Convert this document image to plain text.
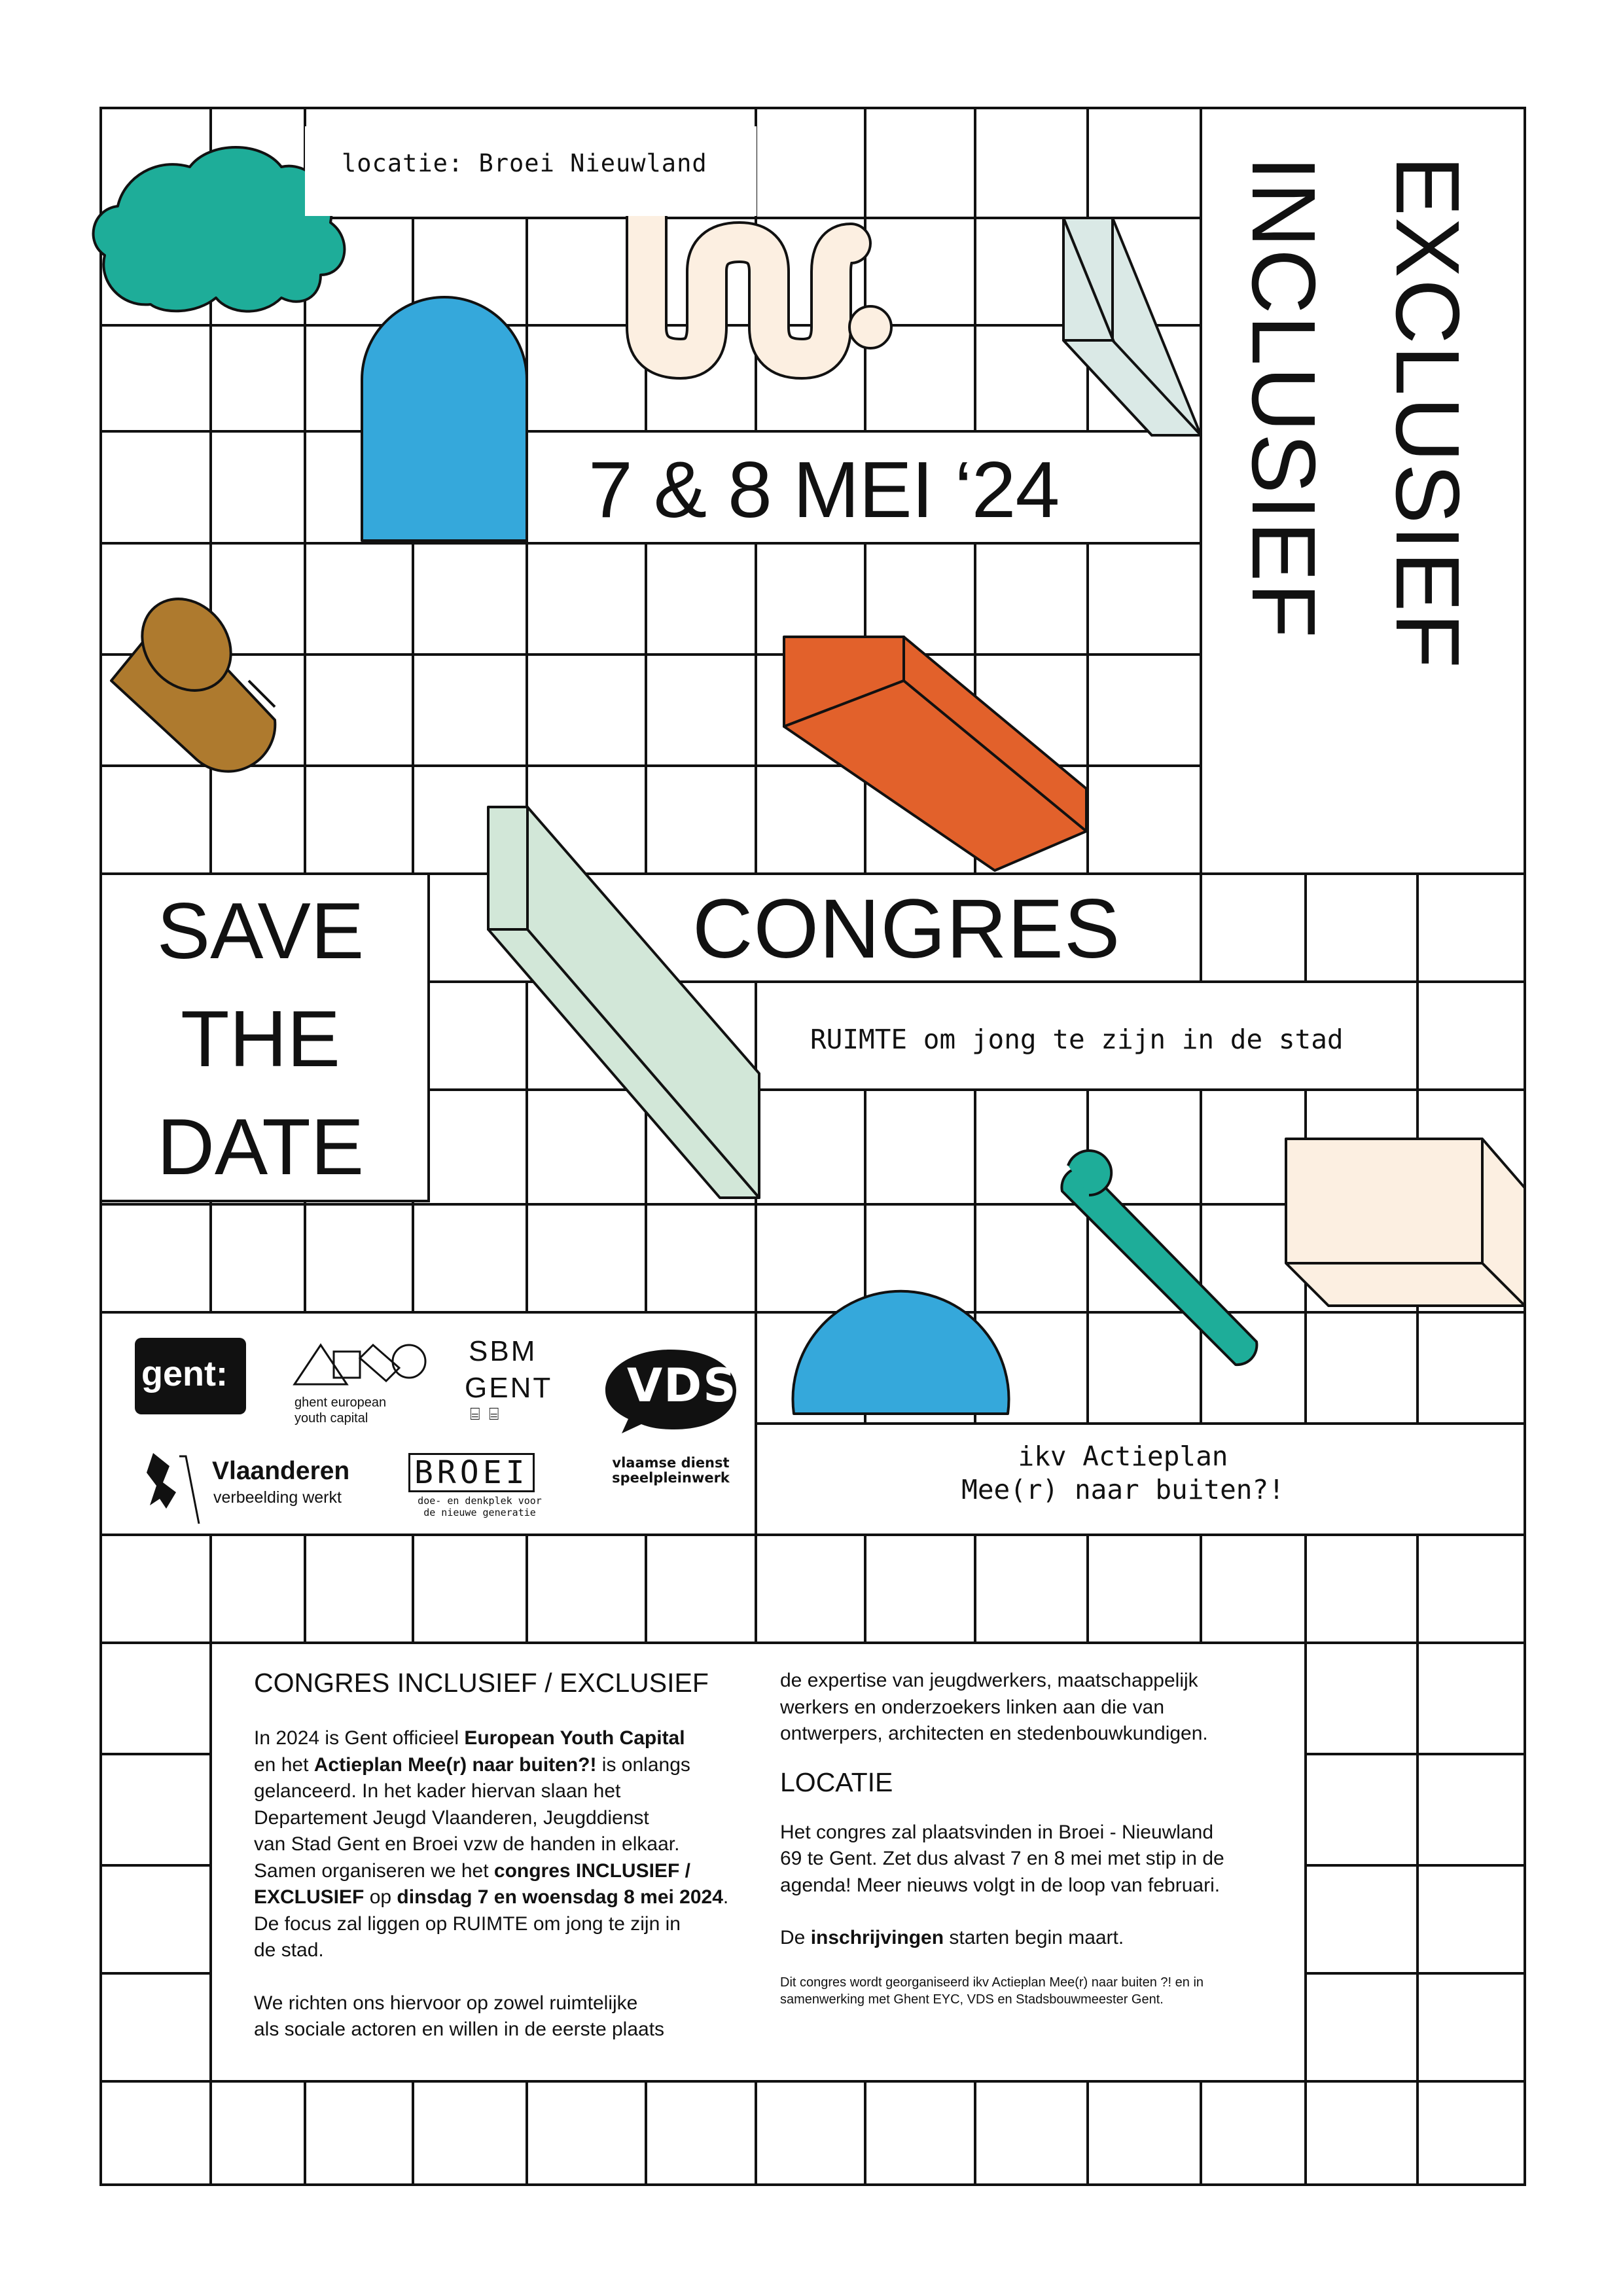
locatie: Broei Nieuwland
7 & 8 MEI ‘24	EXCLUSIEF
INCLUSIEF
SAVE
THE
DATE
CONGRES
RUIMTE om jong te zijn in de stad
ikv Actieplan
Mee(r) naar buiten?!
gent:
ghent european
youth capital
SBM
GENT
⌸ ⌸
VDS
vlaamse dienst
speelpleinwerk
Vlaanderen
verbeelding werkt
BROEI
doe- en denkplek voor
de nieuwe generatie
CONGRES INCLUSIEF / EXCLUSIEF
In 2024 is Gent officieel European Youth Capital
en het Actieplan Mee(r) naar buiten?! is onlangs
gelanceerd. In het kader hiervan slaan het
Departement Jeugd Vlaanderen, Jeugddienst
van Stad Gent en Broei vzw de handen in elkaar.
Samen organiseren we het congres INCLUSIEF /
EXCLUSIEF op dinsdag 7 en woensdag 8 mei 2024.
De focus zal liggen op RUIMTE om jong te zijn in
de stad.
We richten ons hiervoor op zowel ruimtelijke
als sociale actoren en willen in de eerste plaats
de expertise van jeugdwerkers, maatschappelijk
werkers en onderzoekers linken aan die van
ontwerpers, architecten en stedenbouwkundigen.
LOCATIE
Het congres zal plaatsvinden in Broei - Nieuwland
69 te Gent. Zet dus alvast 7 en 8 mei met stip in de
agenda! Meer nieuws volgt in de loop van februari.
De inschrijvingen starten begin maart.
Dit congres wordt georganiseerd ikv Actieplan Mee(r) naar buiten ?! en in
samenwerking met Ghent EYC, VDS en Stadsbouwmeester Gent.
